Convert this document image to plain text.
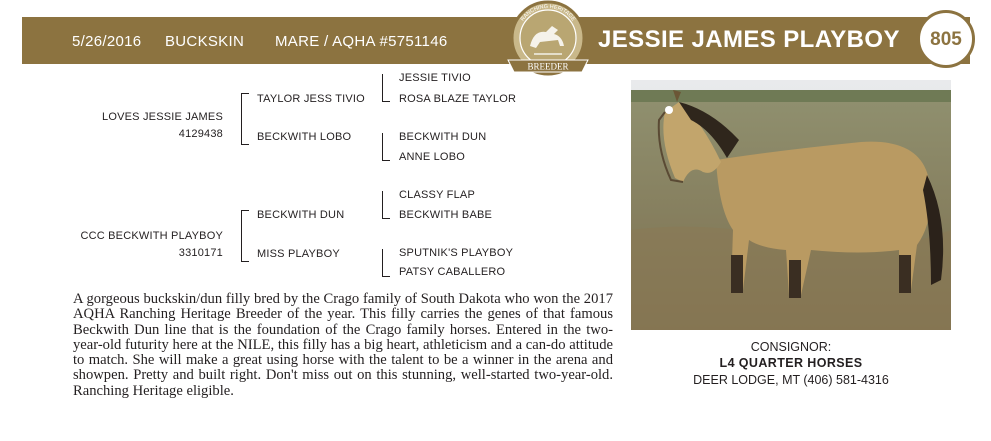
5/26/2016 BUCKSKIN MARE / AQHA #5751146	JESSIE JAMES PLAYBOY	805
BREEDER
RANCHING HERITAGE
LOVES JESSIE JAMES
4129438
TAYLOR JESS TIVIO
BECKWITH LOBO
JESSIE TIVIO
ROSA BLAZE TAYLOR
BECKWITH DUN
ANNE LOBO
CCC BECKWITH PLAYBOY
3310171
BECKWITH DUN
MISS PLAYBOY
CLASSY FLAP
BECKWITH BABE
SPUTNIK'S PLAYBOY
PATSY CABALLERO

A gorgeous buckskin/dun filly bred by the Crago family of South Dakota who won the 2017 AQHA Ranching Heritage Breeder of the year. This filly carries the genes of that famous Beckwith Dun line that is the foundation of the Crago family horses. Entered in the two-year-old futurity here at the NILE, this filly has a big heart, athleticism and a can-do attitude to match. She will make a great using horse with the talent to be a winner in the arena and showpen. Pretty and built right. Don't miss out on this stunning, well-started two-year-old. Ranching Heritage eligible.

CONSIGNOR:
L4 QUARTER HORSES
DEER LODGE, MT (406) 581-4316
